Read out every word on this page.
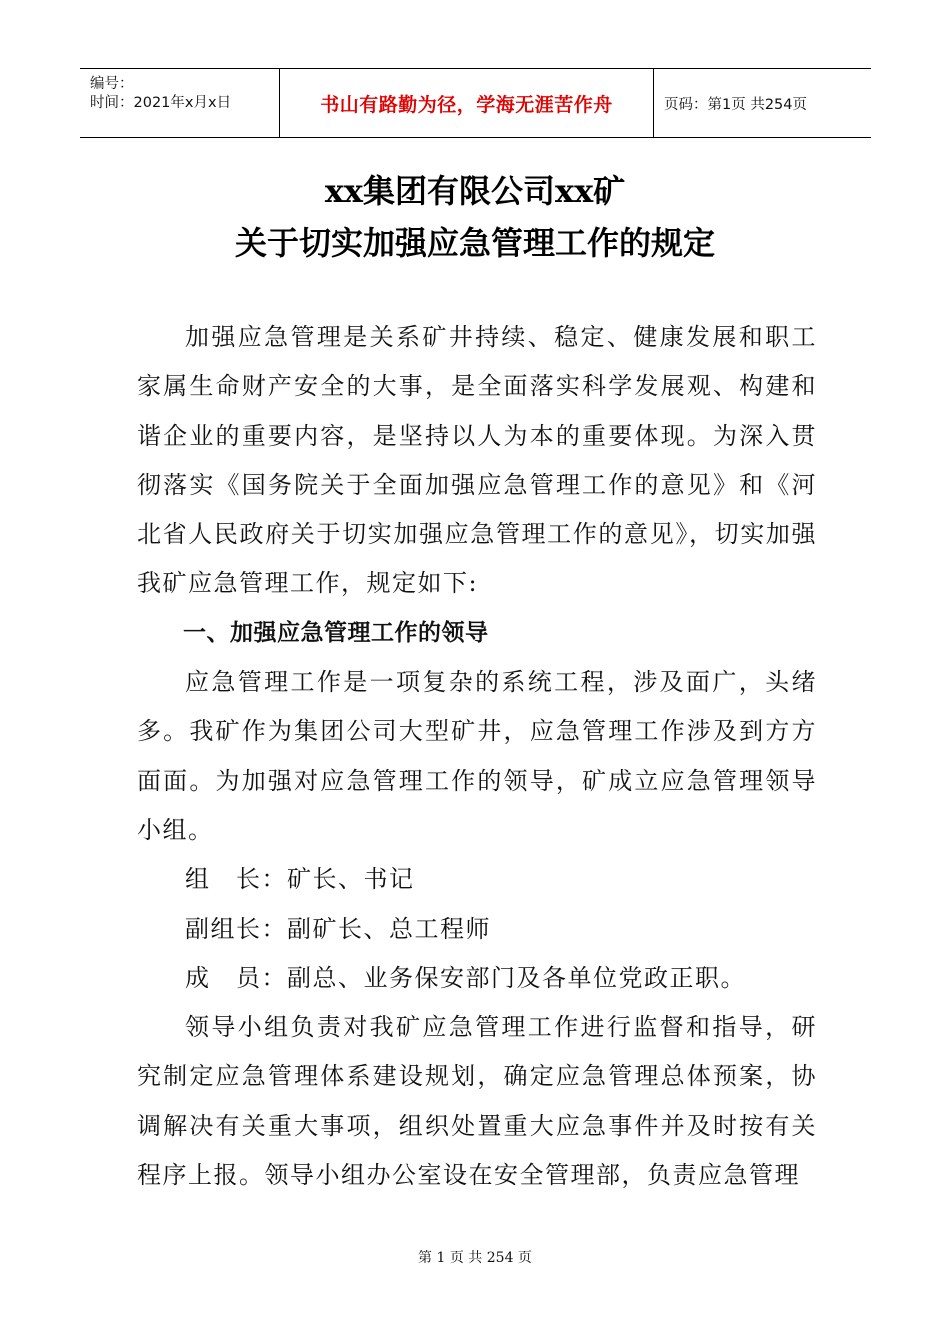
编号：
时间：2021年x月x日	书山有路勤为径，学海无涯苦作舟	页码：第1页 共254页
xx集团有限公司xx矿
关于切实加强应急管理工作的规定

加强应急管理是关系矿井持续、稳定、健康发展和职工家属生命财产安全的大事，是全面落实科学发展观、构建和谐企业的重要内容，是坚持以人为本的重要体现。为深入贯彻落实《国务院关于全面加强应急管理工作的意见》和《河北省人民政府关于切实加强应急管理工作的意见》，切实加强我矿应急管理工作，规定如下:

一、加强应急管理工作的领导

应急管理工作是一项复杂的系统工程，涉及面广，头绪多。我矿作为集团公司大型矿井，应急管理工作涉及到方方面面。为加强对应急管理工作的领导，矿成立应急管理领导小组。

组　长：矿长、书记

副组长：副矿长、总工程师

成　员：副总、业务保安部门及各单位党政正职。

领导小组负责对我矿应急管理工作进行监督和指导，研究制定应急管理体系建设规划，确定应急管理总体预案，协调解决有关重大事项，组织处置重大应急事件并及时按有关程序上报。领导小组办公室设在安全管理部，负责应急管理

第 1 页 共 254 页
